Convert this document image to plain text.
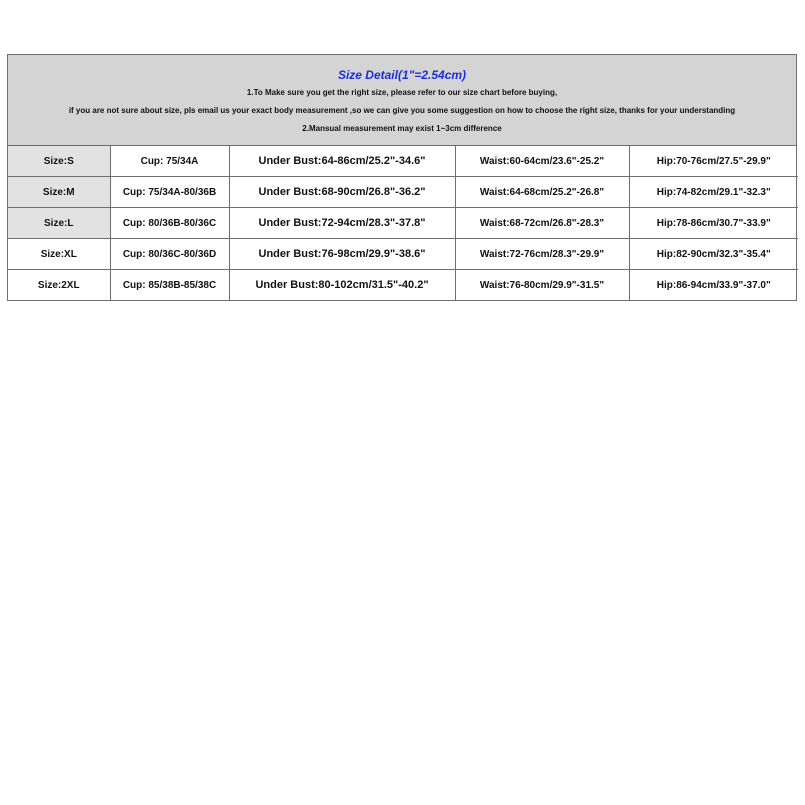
Size Detail(1"=2.54cm)
1.To Make sure you get the right size, please refer to our size chart before buying,
if you are not sure about size, pls email us your exact body measurement ,so we can give you some suggestion on how to choose the right size, thanks for your understanding
2.Mansual measurement may exist 1~3cm difference
Size:S	Cup: 75/34A	Under Bust:64-86cm/25.2"-34.6"	Waist:60-64cm/23.6"-25.2"	Hip:70-76cm/27.5"-29.9"
Size:M	Cup: 75/34A-80/36B	Under Bust:68-90cm/26.8"-36.2"	Waist:64-68cm/25.2"-26.8"	Hip:74-82cm/29.1"-32.3"
Size:L	Cup: 80/36B-80/36C	Under Bust:72-94cm/28.3"-37.8"	Waist:68-72cm/26.8"-28.3"	Hip:78-86cm/30.7"-33.9"
Size:XL	Cup: 80/36C-80/36D	Under Bust:76-98cm/29.9"-38.6"	Waist:72-76cm/28.3"-29.9"	Hip:82-90cm/32.3"-35.4"
Size:2XL	Cup: 85/38B-85/38C	Under Bust:80-102cm/31.5"-40.2"	Waist:76-80cm/29.9"-31.5"	Hip:86-94cm/33.9"-37.0"
